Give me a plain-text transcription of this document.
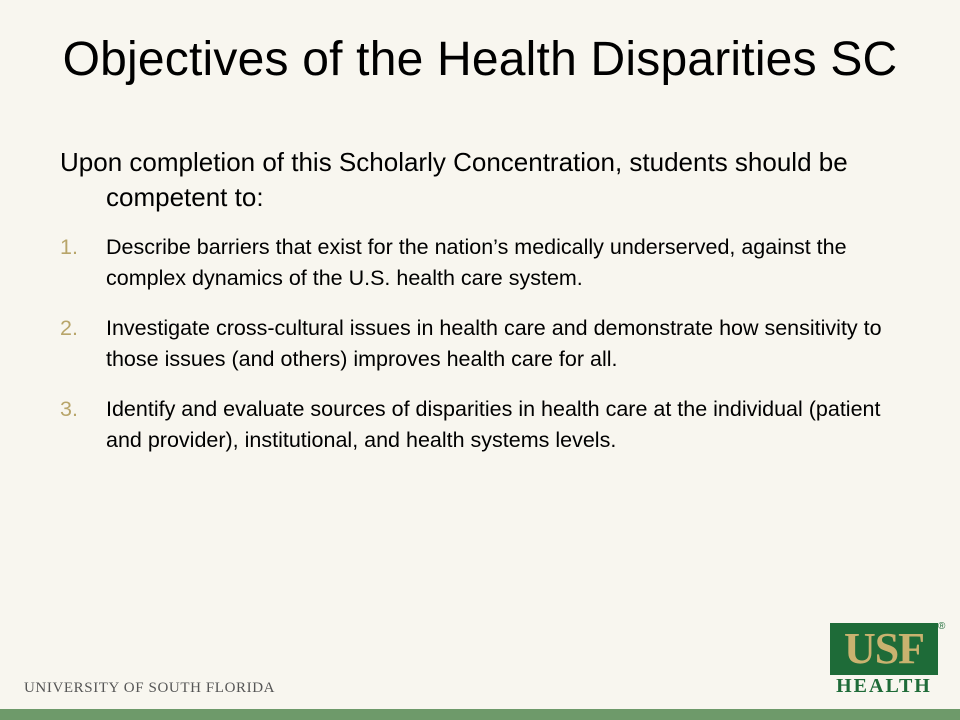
Objectives of the Health Disparities SC
Upon completion of this Scholarly Concentration, students should be competent to:
1. Describe barriers that exist for the nation’s medically underserved, against the complex dynamics of the U.S. health care system.
2. Investigate cross-cultural issues in health care and demonstrate how sensitivity to those issues (and others) improves health care for all.
3. Identify and evaluate sources of disparities in health care at the individual (patient and provider), institutional, and health systems levels.
UNIVERSITY OF SOUTH FLORIDA
USF	®
HEALTH
